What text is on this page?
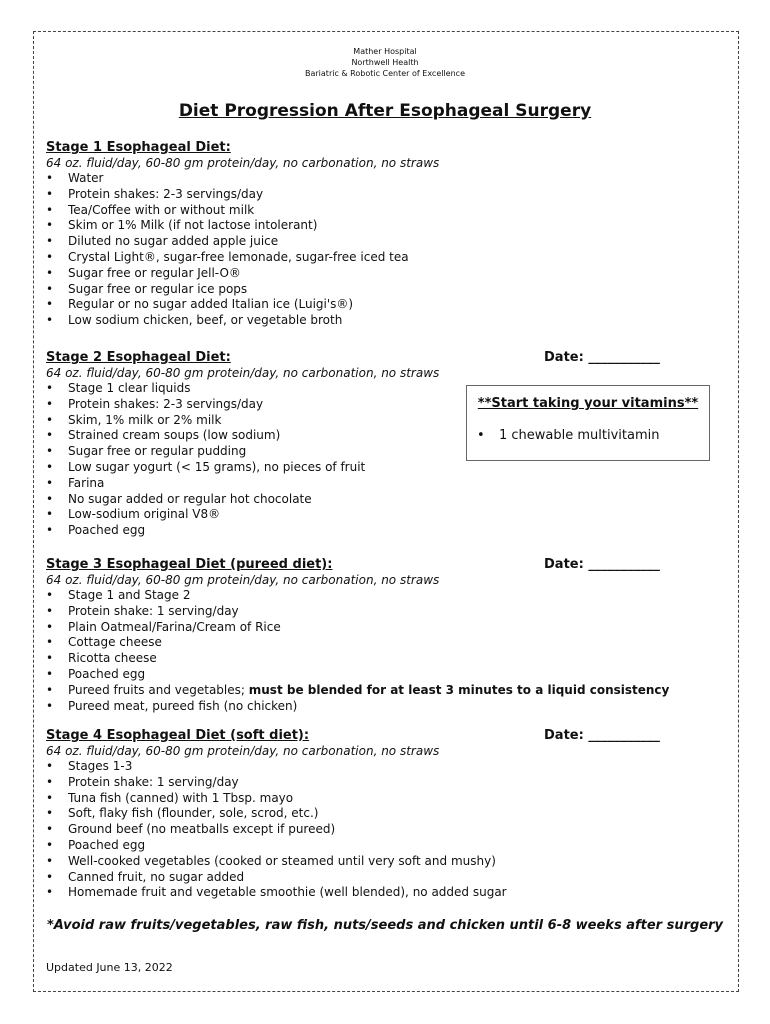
Mather Hospital
Northwell Health
Bariatric & Robotic Center of Excellence
Diet Progression After Esophageal Surgery
Stage 1 Esophageal Diet:
64 oz. fluid/day, 60-80 gm protein/day, no carbonation, no straws
• Water
• Protein shakes: 2-3 servings/day
• Tea/Coffee with or without milk
• Skim or 1% Milk (if not lactose intolerant)
• Diluted no sugar added apple juice
• Crystal Light®, sugar-free lemonade, sugar-free iced tea
• Sugar free or regular Jell-O®
• Sugar free or regular ice pops
• Regular or no sugar added Italian ice (Luigi's®)
• Low sodium chicken, beef, or vegetable broth
Stage 2 Esophageal Diet:	Date: ___________
64 oz. fluid/day, 60-80 gm protein/day, no carbonation, no straws
• Stage 1 clear liquids
• Protein shakes: 2-3 servings/day
• Skim, 1% milk or 2% milk
• Strained cream soups (low sodium)
• Sugar free or regular pudding
• Low sugar yogurt (< 15 grams), no pieces of fruit
• Farina
• No sugar added or regular hot chocolate
• Low-sodium original V8®
• Poached egg
**Start taking your vitamins**
• 1 chewable multivitamin
Stage 3 Esophageal Diet (pureed diet):	Date: ___________
64 oz. fluid/day, 60-80 gm protein/day, no carbonation, no straws
• Stage 1 and Stage 2
• Protein shake: 1 serving/day
• Plain Oatmeal/Farina/Cream of Rice
• Cottage cheese
• Ricotta cheese
• Poached egg
• Pureed fruits and vegetables; must be blended for at least 3 minutes to a liquid consistency
• Pureed meat, pureed fish (no chicken)
Stage 4 Esophageal Diet (soft diet):	Date: ___________
64 oz. fluid/day, 60-80 gm protein/day, no carbonation, no straws
• Stages 1-3
• Protein shake: 1 serving/day
• Tuna fish (canned) with 1 Tbsp. mayo
• Soft, flaky fish (flounder, sole, scrod, etc.)
• Ground beef (no meatballs except if pureed)
• Poached egg
• Well-cooked vegetables (cooked or steamed until very soft and mushy)
• Canned fruit, no sugar added
• Homemade fruit and vegetable smoothie (well blended), no added sugar
*Avoid raw fruits/vegetables, raw fish, nuts/seeds and chicken until 6-8 weeks after surgery
Updated June 13, 2022
